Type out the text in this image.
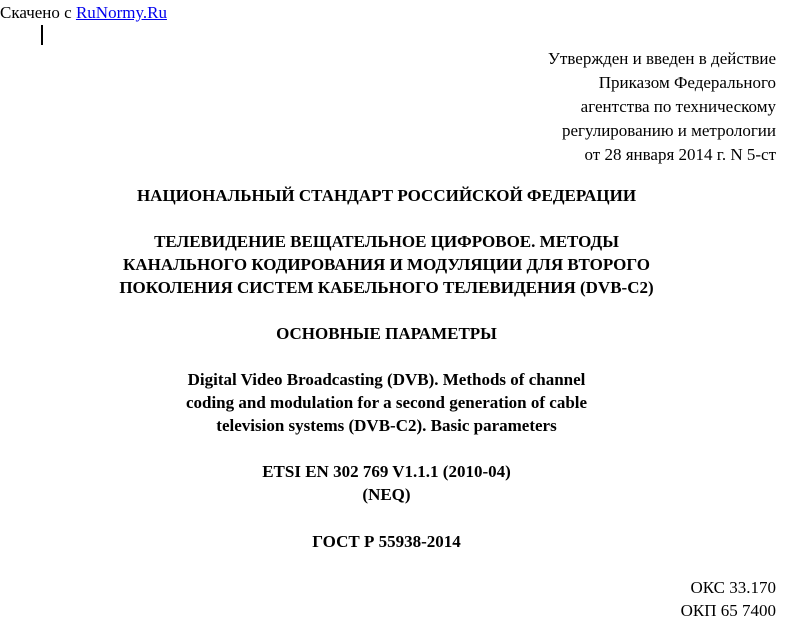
Скачено с RuNormy.Ru
Утвержден и введен в действие
Приказом Федерального
агентства по техническому
регулированию и метрологии
от 28 января 2014 г. N 5-ст
НАЦИОНАЛЬНЫЙ СТАНДАРТ РОССИЙСКОЙ ФЕДЕРАЦИИ
ТЕЛЕВИДЕНИЕ ВЕЩАТЕЛЬНОЕ ЦИФРОВОЕ. МЕТОДЫ
КАНАЛЬНОГО КОДИРОВАНИЯ И МОДУЛЯЦИИ ДЛЯ ВТОРОГО
ПОКОЛЕНИЯ СИСТЕМ КАБЕЛЬНОГО ТЕЛЕВИДЕНИЯ (DVB-C2)
ОСНОВНЫЕ ПАРАМЕТРЫ
Digital Video Broadcasting (DVB). Methods of channel
coding and modulation for a second generation of cable
television systems (DVB-C2). Basic parameters
ETSI EN 302 769 V1.1.1 (2010-04)
(NEQ)
ГОСТ Р 55938-2014
ОКС 33.170
ОКП 65 7400
